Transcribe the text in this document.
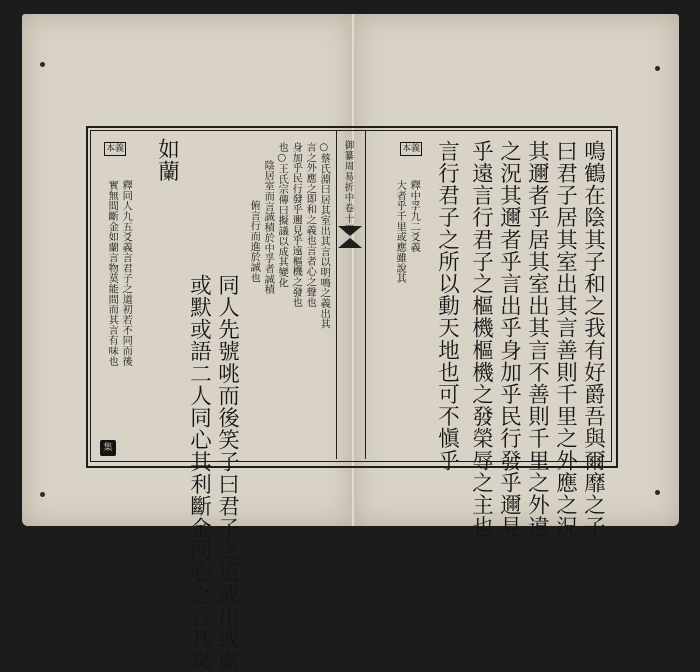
御纂周易折中卷十四	鳴鶴在陰其子和之我有好爵吾與爾靡之子
曰君子居其室出其言善則千里之外應之況
其邇者乎居其室出其言不善則千里之外違
之況其邇者乎言出乎身加乎民行發乎邇見
乎遠言行君子之樞機樞機之發榮辱之主也
言行君子之所以動天地也可不愼乎
本義
釋中孚九二爻義
大者乎千里或應雖說其
○蔡氏淵曰居其室出其言以明鳴之義出其
言之外應之即和之義也言者心之聲也
身加乎民行發乎邇見乎遠樞機之發也
也○王氏宗傳曰擬議以成其變化
陰居室而言誠積於中孚者誠積
俯言行而進於誠也
同人先號咷而後笑子曰君子之道或出或處
或默或語二人同心其利斷金同心之言其臭
如蘭
本義
釋同人九五爻義言君子之道初若不同而後
實無間斷金如蘭言物莫能間而其言有味也
集
